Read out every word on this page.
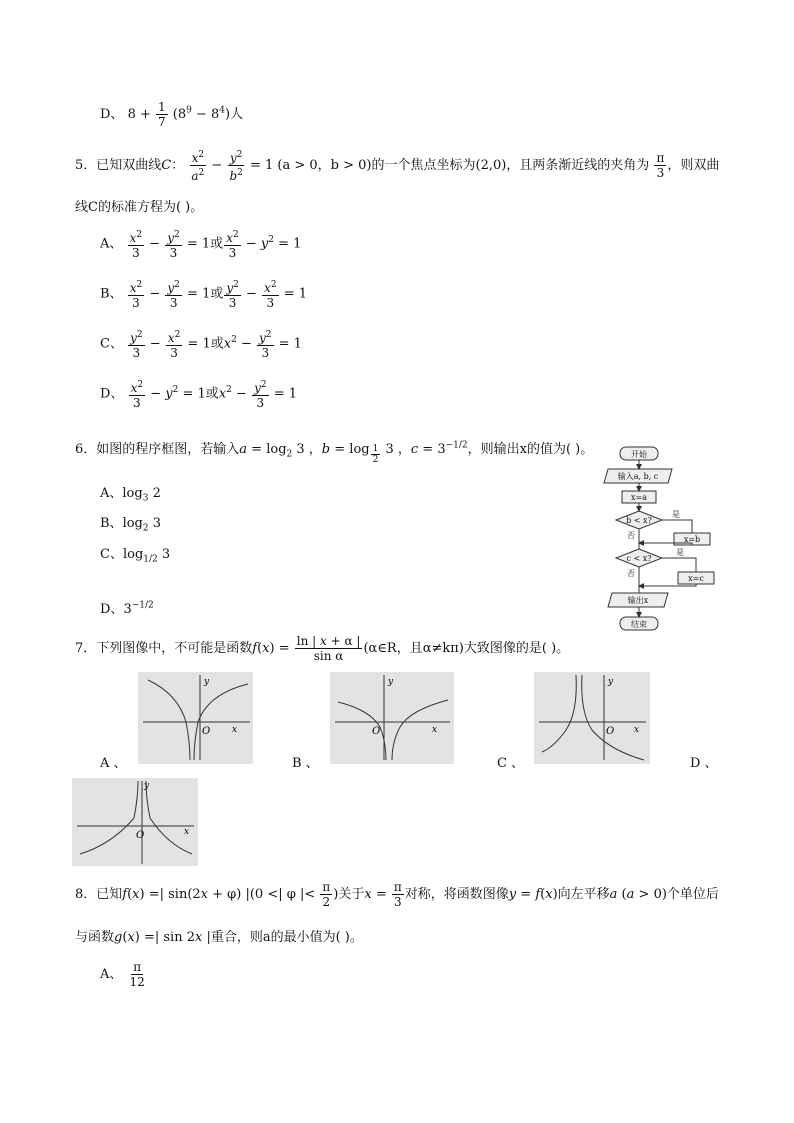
D、 $8 + \frac{1}{7} (8^9 - 8^4)$人
5．已知双曲线C： $\frac{x^2}{a^2} - \frac{y^2}{b^2} = 1$ (a > 0，b > 0)的一个焦点坐标为(2,0)，且两条渐近线的夹角为 $\frac{\pi}{3}$ ，则双曲
线C的标准方程为( )。
A、 $\frac{x^2}{3} - \frac{y^2}{3} = 1$或 $\frac{x^2}{3} - y^2 = 1$
B、 $\frac{x^2}{3} - \frac{y^2}{3} = 1$或 $\frac{y^2}{3} - \frac{x^2}{3} = 1$
C、 $\frac{y^2}{3} - \frac{x^2}{3} = 1$或$x^2 - \frac{y^2}{3} = 1$
D、 $\frac{x^2}{3} - y^2 = 1$或$x^2 - \frac{y^2}{3} = 1$
6．如图的程序框图，若输入$a = \log_2 3$ ，b = log $_{\frac{1}{2}}$ 3 ，$c = 3^{-1/2}$，则输出x的值为( )。
A、$\log_3 2$
B、$\log_2 3$
C、$\log_{1/2} 3$
D、$3^{-1/2}$
开始
输入a, b, c
x=a
b < x?
是
否	x=b
c < x?
是
否
x=c
输出x
结束
7．下列图像中，不可能是函数$f(x) = \frac{\ln | x + \alpha |}{\text{sin α}}$ (α∈R，且α≠kπ)大致图像的是( )。
y
O x
A 、
y
O	x
B 、
y
O x
C 、	D 、
y
O	x
8．已知f(x) =| sin(2x + φ) |(0 <| φ |< $\frac{\pi}{2}$ )关于$x = \frac{\pi}{3}$ 对称，将函数图像y = f(x)向左平移a (a > 0)个单位后
与函数g(x) =| sin 2x |重合，则a的最小值为( )。
A、 $\frac{\pi}{12}$
